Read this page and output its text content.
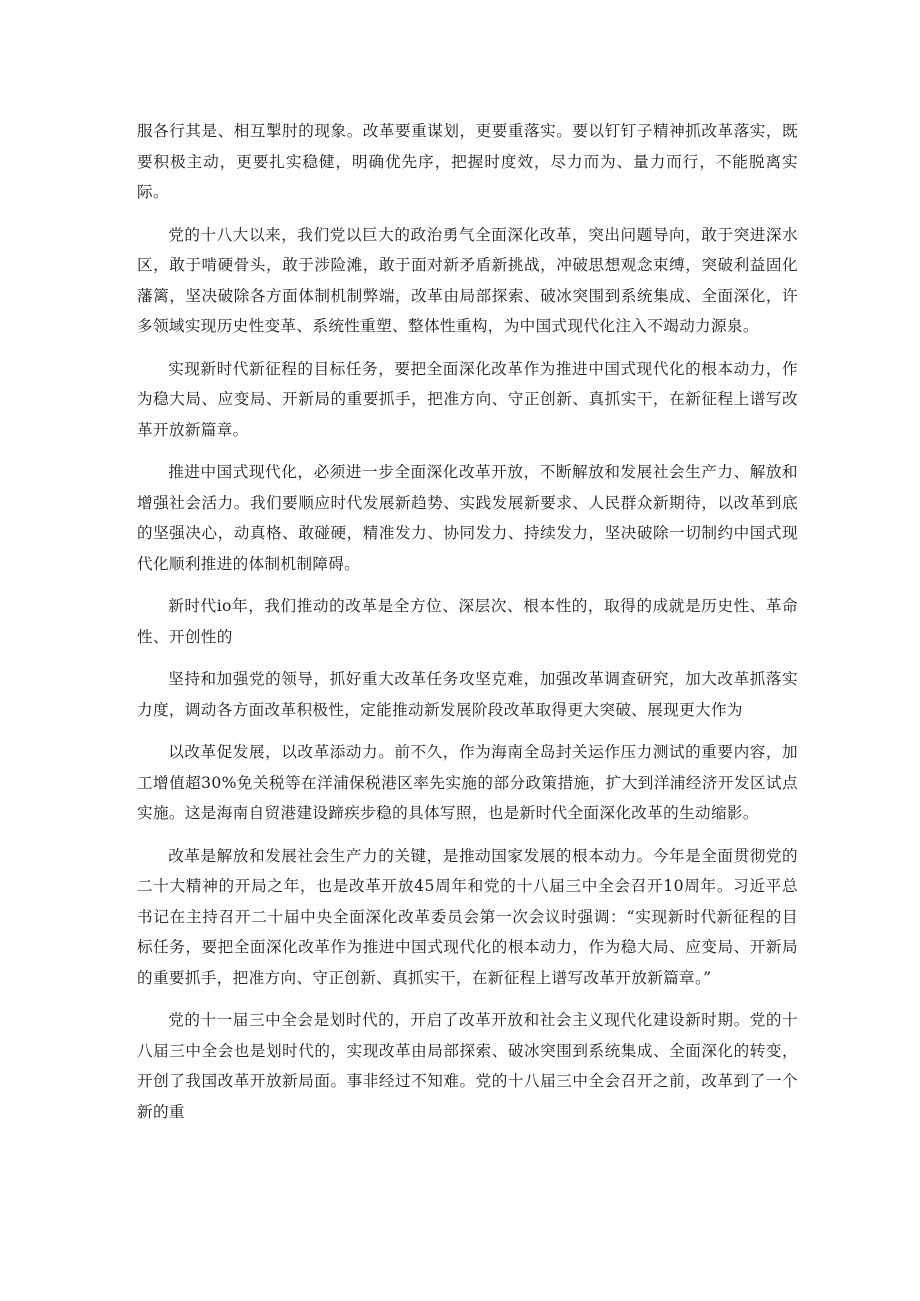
服各行其是、相互掣肘的现象。改革要重谋划，更要重落实。要以钉钉子精神抓改革落实，既要积极主动，更要扎实稳健，明确优先序，把握时度效，尽力而为、量力而行，不能脱离实际。

党的十八大以来，我们党以巨大的政治勇气全面深化改革，突出问题导向，敢于突进深水区，敢于啃硬骨头，敢于涉险滩，敢于面对新矛盾新挑战，冲破思想观念束缚，突破利益固化藩篱，坚决破除各方面体制机制弊端，改革由局部探索、破冰突围到系统集成、全面深化，许多领域实现历史性变革、系统性重塑、整体性重构，为中国式现代化注入不竭动力源泉。

实现新时代新征程的目标任务，要把全面深化改革作为推进中国式现代化的根本动力，作为稳大局、应变局、开新局的重要抓手，把准方向、守正创新、真抓实干，在新征程上谱写改革开放新篇章。

推进中国式现代化，必须进一步全面深化改革开放，不断解放和发展社会生产力、解放和增强社会活力。我们要顺应时代发展新趋势、实践发展新要求、人民群众新期待，以改革到底的坚强决心，动真格、敢碰硬，精准发力、协同发力、持续发力，坚决破除一切制约中国式现代化顺利推进的体制机制障碍。

新时代io年，我们推动的改革是全方位、深层次、根本性的，取得的成就是历史性、革命性、开创性的

坚持和加强党的领导，抓好重大改革任务攻坚克难，加强改革调查研究，加大改革抓落实力度，调动各方面改革积极性，定能推动新发展阶段改革取得更大突破、展现更大作为

以改革促发展，以改革添动力。前不久，作为海南全岛封关运作压力测试的重要内容，加工增值超30%免关税等在洋浦保税港区率先实施的部分政策措施，扩大到洋浦经济开发区试点实施。这是海南自贸港建设蹄疾步稳的具体写照，也是新时代全面深化改革的生动缩影。

改革是解放和发展社会生产力的关键，是推动国家发展的根本动力。今年是全面贯彻党的二十大精神的开局之年，也是改革开放45周年和党的十八届三中全会召开10周年。习近平总书记在主持召开二十届中央全面深化改革委员会第一次会议时强调：“实现新时代新征程的目标任务，要把全面深化改革作为推进中国式现代化的根本动力，作为稳大局、应变局、开新局的重要抓手，把准方向、守正创新、真抓实干，在新征程上谱写改革开放新篇章。”

党的十一届三中全会是划时代的，开启了改革开放和社会主义现代化建设新时期。党的十八届三中全会也是划时代的，实现改革由局部探索、破冰突围到系统集成、全面深化的转变，开创了我国改革开放新局面。事非经过不知难。党的十八届三中全会召开之前，改革到了一个新的重
